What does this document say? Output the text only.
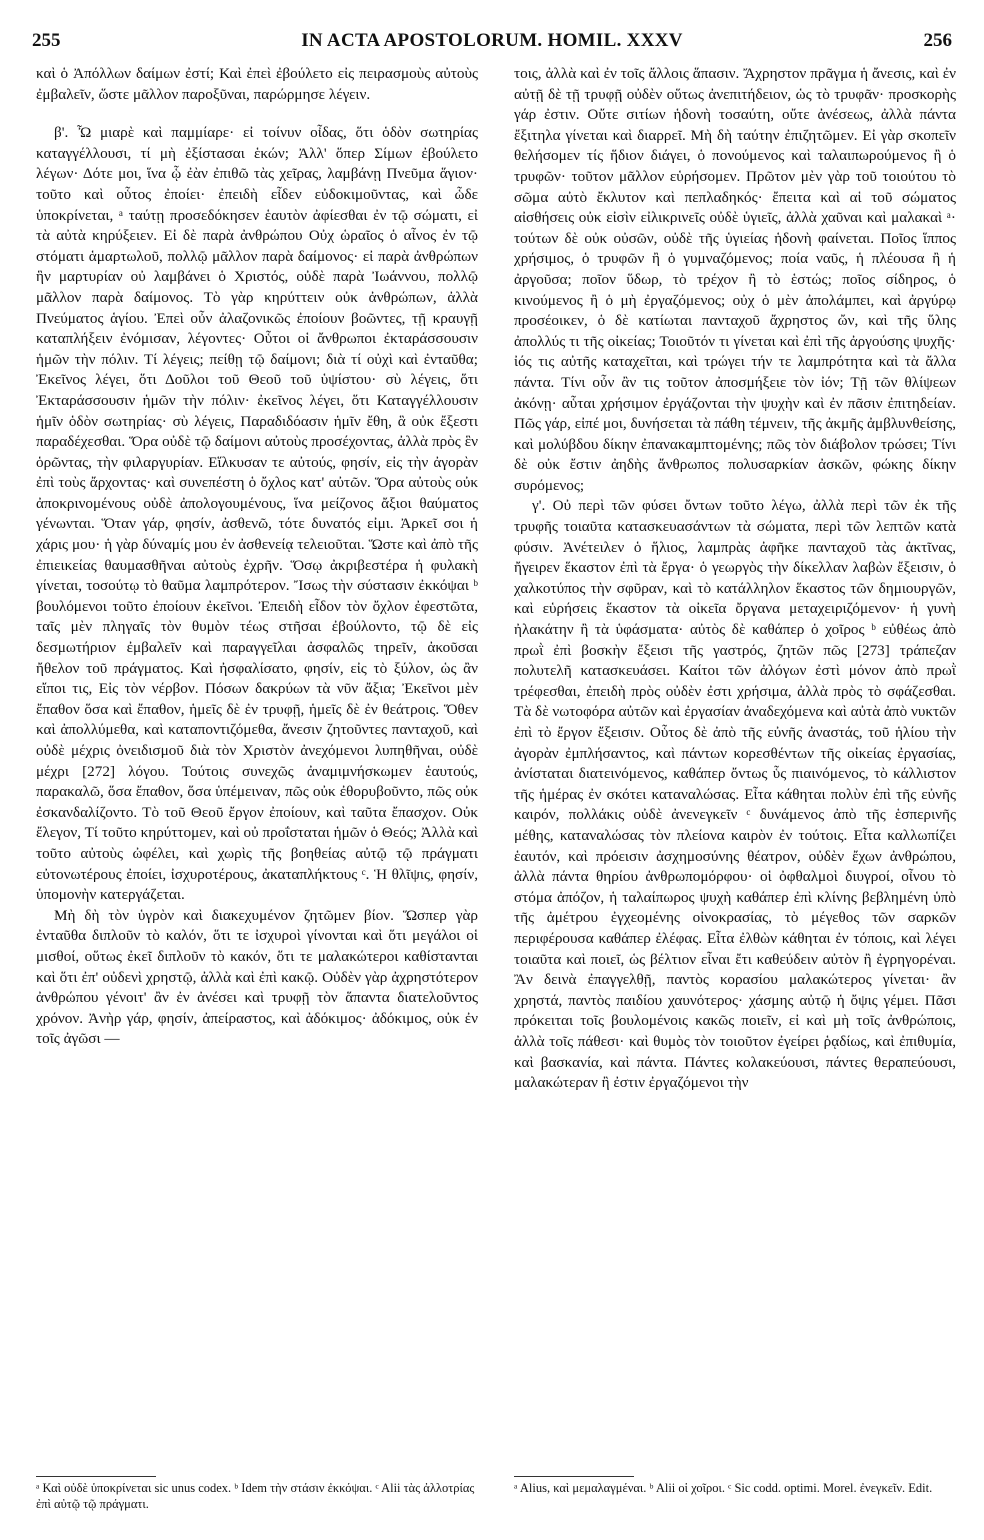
255	IN ACTA APOSTOLORUM. HOMIL. XXXV	256

καὶ ὁ Ἀπόλλων δαίμων ἐστί; Καὶ ἐπεὶ ἐβούλετο εἰς πειρασμοὺς αὐτοὺς ἐμβαλεῖν, ὥστε μᾶλλον παροξῦναι, παρώρμησε λέγειν.

β'. Ὦ μιαρὲ καὶ παμμίαρε· εἰ τοίνυν οἶδας, ὅτι ὁδὸν σωτηρίας καταγγέλλουσι, τί μὴ ἐξίστασαι ἑκών; Ἀλλ' ὅπερ Σίμων ἐβούλετο λέγων· Δότε μοι, ἵνα ᾧ ἐὰν ἐπιθῶ τὰς χεῖρας, λαμβάνῃ Πνεῦμα ἅγιον· τοῦτο καὶ οὗτος ἐποίει· ἐπειδὴ εἶδεν εὐδοκιμοῦντας, καὶ ὧδε ὑποκρίνεται, ᵃ ταύτῃ προσεδόκησεν ἑαυτὸν ἀφίεσθαι ἐν τῷ σώματι, εἰ τὰ αὐτὰ κηρύξειεν. Εἰ δὲ παρὰ ἀνθρώπου Οὐχ ὡραῖος ὁ αἶνος ἐν τῷ στόματι ἁμαρτωλοῦ, πολλῷ μᾶλλον παρὰ δαίμονος· εἰ παρὰ ἀνθρώπων ἣν μαρτυρίαν οὐ λαμβάνει ὁ Χριστός, οὐδὲ παρὰ Ἰωάννου, πολλῷ μᾶλλον παρὰ δαίμονος. Τὸ γὰρ κηρύττειν οὐκ ἀνθρώπων, ἀλλὰ Πνεύματος ἁγίου. Ἐπεὶ οὖν ἀλαζονικῶς ἐποίουν βοῶντες, τῇ κραυγῇ καταπλήξειν ἐνόμισαν, λέγοντες· Οὗτοι οἱ ἄνθρωποι ἐκταράσσουσιν ἡμῶν τὴν πόλιν. Τί λέγεις; πείθῃ τῷ δαίμονι; διὰ τί οὐχὶ καὶ ἐνταῦθα; Ἐκεῖνος λέγει, ὅτι Δοῦλοι τοῦ Θεοῦ τοῦ ὑψίστου· σὺ λέγεις, ὅτι Ἐκταράσσουσιν ἡμῶν τὴν πόλιν· ἐκεῖνος λέγει, ὅτι Καταγγέλλουσιν ἡμῖν ὁδὸν σωτηρίας· σὺ λέγεις, Παραδιδόασιν ἡμῖν ἔθη, ἃ οὐκ ἔξεστι παραδέχεσθαι. Ὅρα οὐδὲ τῷ δαίμονι αὐτοὺς προσέχοντας, ἀλλὰ πρὸς ἓν ὁρῶντας, τὴν φιλαργυρίαν. Εἵλκυσαν τε αὐτούς, φησίν, εἰς τὴν ἀγορὰν ἐπὶ τοὺς ἄρχοντας· καὶ συνεπέστη ὁ ὄχλος κατ' αὐτῶν. Ὅρα αὐτοὺς οὐκ ἀποκρινομένους οὐδὲ ἀπολογουμένους, ἵνα μείζονος ἄξιοι θαύματος γένωνται. Ὅταν γάρ, φησίν, ἀσθενῶ, τότε δυνατός εἰμι. Ἀρκεῖ σοι ἡ χάρις μου· ἡ γὰρ δύναμίς μου ἐν ἀσθενείᾳ τελειοῦται. Ὥστε καὶ ἀπὸ τῆς ἐπιεικείας θαυμασθῆναι αὐτοὺς ἐχρῆν. Ὅσῳ ἀκριβεστέρα ἡ φυλακὴ γίνεται, τοσούτῳ τὸ θαῦμα λαμπρότερον. Ἴσως τὴν σύστασιν ἐκκόψαι ᵇ βουλόμενοι τοῦτο ἐποίουν ἐκεῖνοι. Ἐπειδὴ εἶδον τὸν ὄχλον ἐφεστῶτα, ταῖς μὲν πληγαῖς τὸν θυμὸν τέως στῆσαι ἐβούλοντο, τῷ δὲ εἰς δεσμωτήριον ἐμβαλεῖν καὶ παραγγεῖλαι ἀσφαλῶς τηρεῖν, ἀκοῦσαι ἤθελον τοῦ πράγματος. Καὶ ἠσφαλίσατο, φησίν, εἰς τὸ ξύλον, ὡς ἂν εἴποι τις, Εἰς τὸν νέρβον. Πόσων δακρύων τὰ νῦν ἄξια; Ἐκεῖνοι μὲν ἔπαθον ὅσα καὶ ἔπαθον, ἡμεῖς δὲ ἐν τρυφῇ, ἡμεῖς δὲ ἐν θεάτροις. Ὅθεν καὶ ἀπολλύμεθα, καὶ καταποντιζόμεθα, ἄνεσιν ζητοῦντες πανταχοῦ, καὶ οὐδὲ μέχρις ὀνειδισμοῦ διὰ τὸν Χριστὸν ἀνεχόμενοι λυπηθῆναι, οὐδὲ μέχρι [272] λόγου. Τούτοις συνεχῶς ἀναμιμνήσκωμεν ἑαυτούς, παρακαλῶ, ὅσα ἔπαθον, ὅσα ὑπέμειναν, πῶς οὐκ ἐθορυβοῦντο, πῶς οὐκ ἐσκανδαλίζοντο. Τὸ τοῦ Θεοῦ ἔργον ἐποίουν, καὶ ταῦτα ἔπασχον. Οὐκ ἔλεγον, Τί τοῦτο κηρύττομεν, καὶ οὐ προΐσταται ἡμῶν ὁ Θεός; Ἀλλὰ καὶ τοῦτο αὐτοὺς ὠφέλει, καὶ χωρὶς τῆς βοηθείας αὐτῷ τῷ πράγματι εὐτονωτέρους ἐποίει, ἰσχυροτέρους, ἀκαταπλήκτους ᶜ. Ἡ θλῖψις, φησίν, ὑπομονὴν κατεργάζεται.

Μὴ δὴ τὸν ὑγρὸν καὶ διακεχυμένον ζητῶμεν βίον. Ὥσπερ γὰρ ἐνταῦθα διπλοῦν τὸ καλόν, ὅτι τε ἰσχυροὶ γίνονται καὶ ὅτι μεγάλοι οἱ μισθοί, οὕτως ἐκεῖ διπλοῦν τὸ κακόν, ὅτι τε μαλακώτεροι καθίστανται καὶ ὅτι ἐπ' οὐδενὶ χρηστῷ, ἀλλὰ καὶ ἐπὶ κακῷ. Οὐδὲν γὰρ ἀχρηστότερον ἀνθρώπου γένοιτ' ἂν ἐν ἀνέσει καὶ τρυφῇ τὸν ἅπαντα διατελοῦντος χρόνον. Ἀνὴρ γάρ, φησίν, ἀπείραστος, καὶ ἀδόκιμος· ἀδόκιμος, οὐκ ἐν τοῖς ἀγῶσι —

τοις, ἀλλὰ καὶ ἐν τοῖς ἄλλοις ἅπασιν. Ἄχρηστον πρᾶγμα ἡ ἄνεσις, καὶ ἐν αὐτῇ δὲ τῇ τρυφῇ οὐδὲν οὕτως ἀνεπιτήδειον, ὡς τὸ τρυφᾶν· προσκορὴς γάρ ἐστιν. Οὔτε σιτίων ἡδονὴ τοσαύτη, οὔτε ἀνέσεως, ἀλλὰ πάντα ἔξιτηλα γίνεται καὶ διαρρεῖ. Μὴ δὴ ταύτην ἐπιζητῶμεν. Εἰ γὰρ σκοπεῖν θελήσομεν τίς ἥδιον διάγει, ὁ πονούμενος καὶ ταλαιπωρούμενος ἢ ὁ τρυφῶν· τοῦτον μᾶλλον εὑρήσομεν. Πρῶτον μὲν γὰρ τοῦ τοιούτου τὸ σῶμα αὐτὸ ἔκλυτον καὶ πεπλαδηκός· ἔπειτα καὶ αἱ τοῦ σώματος αἰσθήσεις οὐκ εἰσὶν εἰλικρινεῖς οὐδὲ ὑγιεῖς, ἀλλὰ χαῦναι καὶ μαλακαὶ ᵃ· τούτων δὲ οὐκ οὐσῶν, οὐδὲ τῆς ὑγιείας ἡδονὴ φαίνεται. Ποῖος ἵππος χρήσιμος, ὁ τρυφῶν ἢ ὁ γυμναζόμενος; ποία ναῦς, ἡ πλέουσα ἢ ἡ ἀργοῦσα; ποῖον ὕδωρ, τὸ τρέχον ἢ τὸ ἑστώς; ποῖος σίδηρος, ὁ κινούμενος ἢ ὁ μὴ ἐργαζόμενος; οὐχ ὁ μὲν ἀπολάμπει, καὶ ἀργύρῳ προσέοικεν, ὁ δὲ κατίωται πανταχοῦ ἄχρηστος ὤν, καὶ τῆς ὕλης ἀπολλύς τι τῆς οἰκείας; Τοιοῦτόν τι γίνεται καὶ ἐπὶ τῆς ἀργούσης ψυχῆς· ἰός τις αὐτῆς καταχεῖται, καὶ τρώγει τήν τε λαμπρότητα καὶ τὰ ἄλλα πάντα. Τίνι οὖν ἂν τις τοῦτον ἀποσμήξειε τὸν ἰόν; Τῇ τῶν θλίψεων ἀκόνῃ· αὗται χρήσιμον ἐργάζονται τὴν ψυχὴν καὶ ἐν πᾶσιν ἐπιτηδείαν. Πῶς γάρ, εἰπέ μοι, δυνήσεται τὰ πάθη τέμνειν, τῆς ἀκμῆς ἀμβλυνθείσης, καὶ μολύβδου δίκην ἐπανακαμπτομένης; πῶς τὸν διάβολον τρώσει; Τίνι δὲ οὐκ ἔστιν ἀηδὴς ἄνθρωπος πολυσαρκίαν ἀσκῶν, φώκης δίκην συρόμενος;

γ'. Οὐ περὶ τῶν φύσει ὄντων τοῦτο λέγω, ἀλλὰ περὶ τῶν ἐκ τῆς τρυφῆς τοιαῦτα κατασκευασάντων τὰ σώματα, περὶ τῶν λεπτῶν κατὰ φύσιν. Ἀνέτειλεν ὁ ἥλιος, λαμπρὰς ἀφῆκε πανταχοῦ τὰς ἀκτῖνας, ἤγειρεν ἕκαστον ἐπὶ τὰ ἔργα· ὁ γεωργὸς τὴν δίκελλαν λαβὼν ἔξεισιν, ὁ χαλκοτύπος τὴν σφῦραν, καὶ τὸ κατάλληλον ἕκαστος τῶν δημιουργῶν, καὶ εὑρήσεις ἕκαστον τὰ οἰκεῖα ὄργανα μεταχειριζόμενον· ἡ γυνὴ ἠλακάτην ἢ τὰ ὑφάσματα· αὐτὸς δὲ καθάπερ ὁ χοῖρος ᵇ εὐθέως ἀπὸ πρωῒ ἐπὶ βοσκὴν ἔξεισι τῆς γαστρός, ζητῶν πῶς [273] τράπεζαν πολυτελῆ κατασκευάσει. Καίτοι τῶν ἀλόγων ἐστὶ μόνον ἀπὸ πρωῒ τρέφεσθαι, ἐπειδὴ πρὸς οὐδὲν ἐστι χρήσιμα, ἀλλὰ πρὸς τὸ σφάζεσθαι. Τὰ δὲ νωτοφόρα αὐτῶν καὶ ἐργασίαν ἀναδεχόμενα καὶ αὐτὰ ἀπὸ νυκτῶν ἐπὶ τὸ ἔργον ἔξεισιν. Οὗτος δὲ ἀπὸ τῆς εὐνῆς ἀναστάς, τοῦ ἡλίου τὴν ἀγορὰν ἐμπλήσαντος, καὶ πάντων κορεσθέντων τῆς οἰκείας ἐργασίας, ἀνίσταται διατεινόμενος, καθάπερ ὄντως ὗς πιαινόμενος, τὸ κάλλιστον τῆς ἡμέρας ἐν σκότει καταναλώσας. Εἶτα κάθηται πολὺν ἐπὶ τῆς εὐνῆς καιρόν, πολλάκις οὐδὲ ἀνενεγκεῖν ᶜ δυνάμενος ἀπὸ τῆς ἑσπερινῆς μέθης, καταναλώσας τὸν πλείονα καιρὸν ἐν τούτοις. Εἶτα καλλωπίζει ἑαυτόν, καὶ πρόεισιν ἀσχημοσύνης θέατρον, οὐδὲν ἔχων ἀνθρώπου, ἀλλὰ πάντα θηρίου ἀνθρωπομόρφου· οἱ ὀφθαλμοὶ διυγροί, οἶνου τὸ στόμα ἀπόζον, ἡ ταλαίπωρος ψυχὴ καθάπερ ἐπὶ κλίνης βεβλημένη ὑπὸ τῆς ἀμέτρου ἐγχεομένης οἰνοκρασίας, τὸ μέγεθος τῶν σαρκῶν περιφέρουσα καθάπερ ἐλέφας. Εἶτα ἐλθὼν κάθηται ἐν τόποις, καὶ λέγει τοιαῦτα καὶ ποιεῖ, ὡς βέλτιον εἶναι ἔτι καθεύδειν αὐτὸν ἢ ἐγρηγορέναι. Ἂν δεινὰ ἐπαγγελθῇ, παντὸς κορασίου μαλακώτερος γίνεται· ἂν χρηστά, παντὸς παιδίου χαυνότερος· χάσμης αὐτῷ ἡ ὄψις γέμει. Πᾶσι πρόκειται τοῖς βουλομένοις κακῶς ποιεῖν, εἰ καὶ μὴ τοῖς ἀνθρώποις, ἀλλὰ τοῖς πάθεσι· καὶ θυμὸς τὸν τοιοῦτον ἐγείρει ῥᾳδίως, καὶ ἐπιθυμία, καὶ βασκανία, καὶ πάντα. Πάντες κολακεύουσι, πάντες θεραπεύουσι, μαλακώτεραν ἢ ἐστιν ἐργαζόμενοι τὴν

ᵃ Καὶ οὐδὲ ὑποκρίνεται sic unus codex. ᵇ Idem τὴν στάσιν ἐκκόψαι. ᶜ Alii τὰς ἀλλοτρίας ἐπὶ αὐτῷ τῷ πράγματι.

ᵃ Alius, καὶ μεμαλαγμέναι. ᵇ Alii οἱ χοῖροι. ᶜ Sic codd. optimi. Morel. ἐνεγκεῖν. Edit.
